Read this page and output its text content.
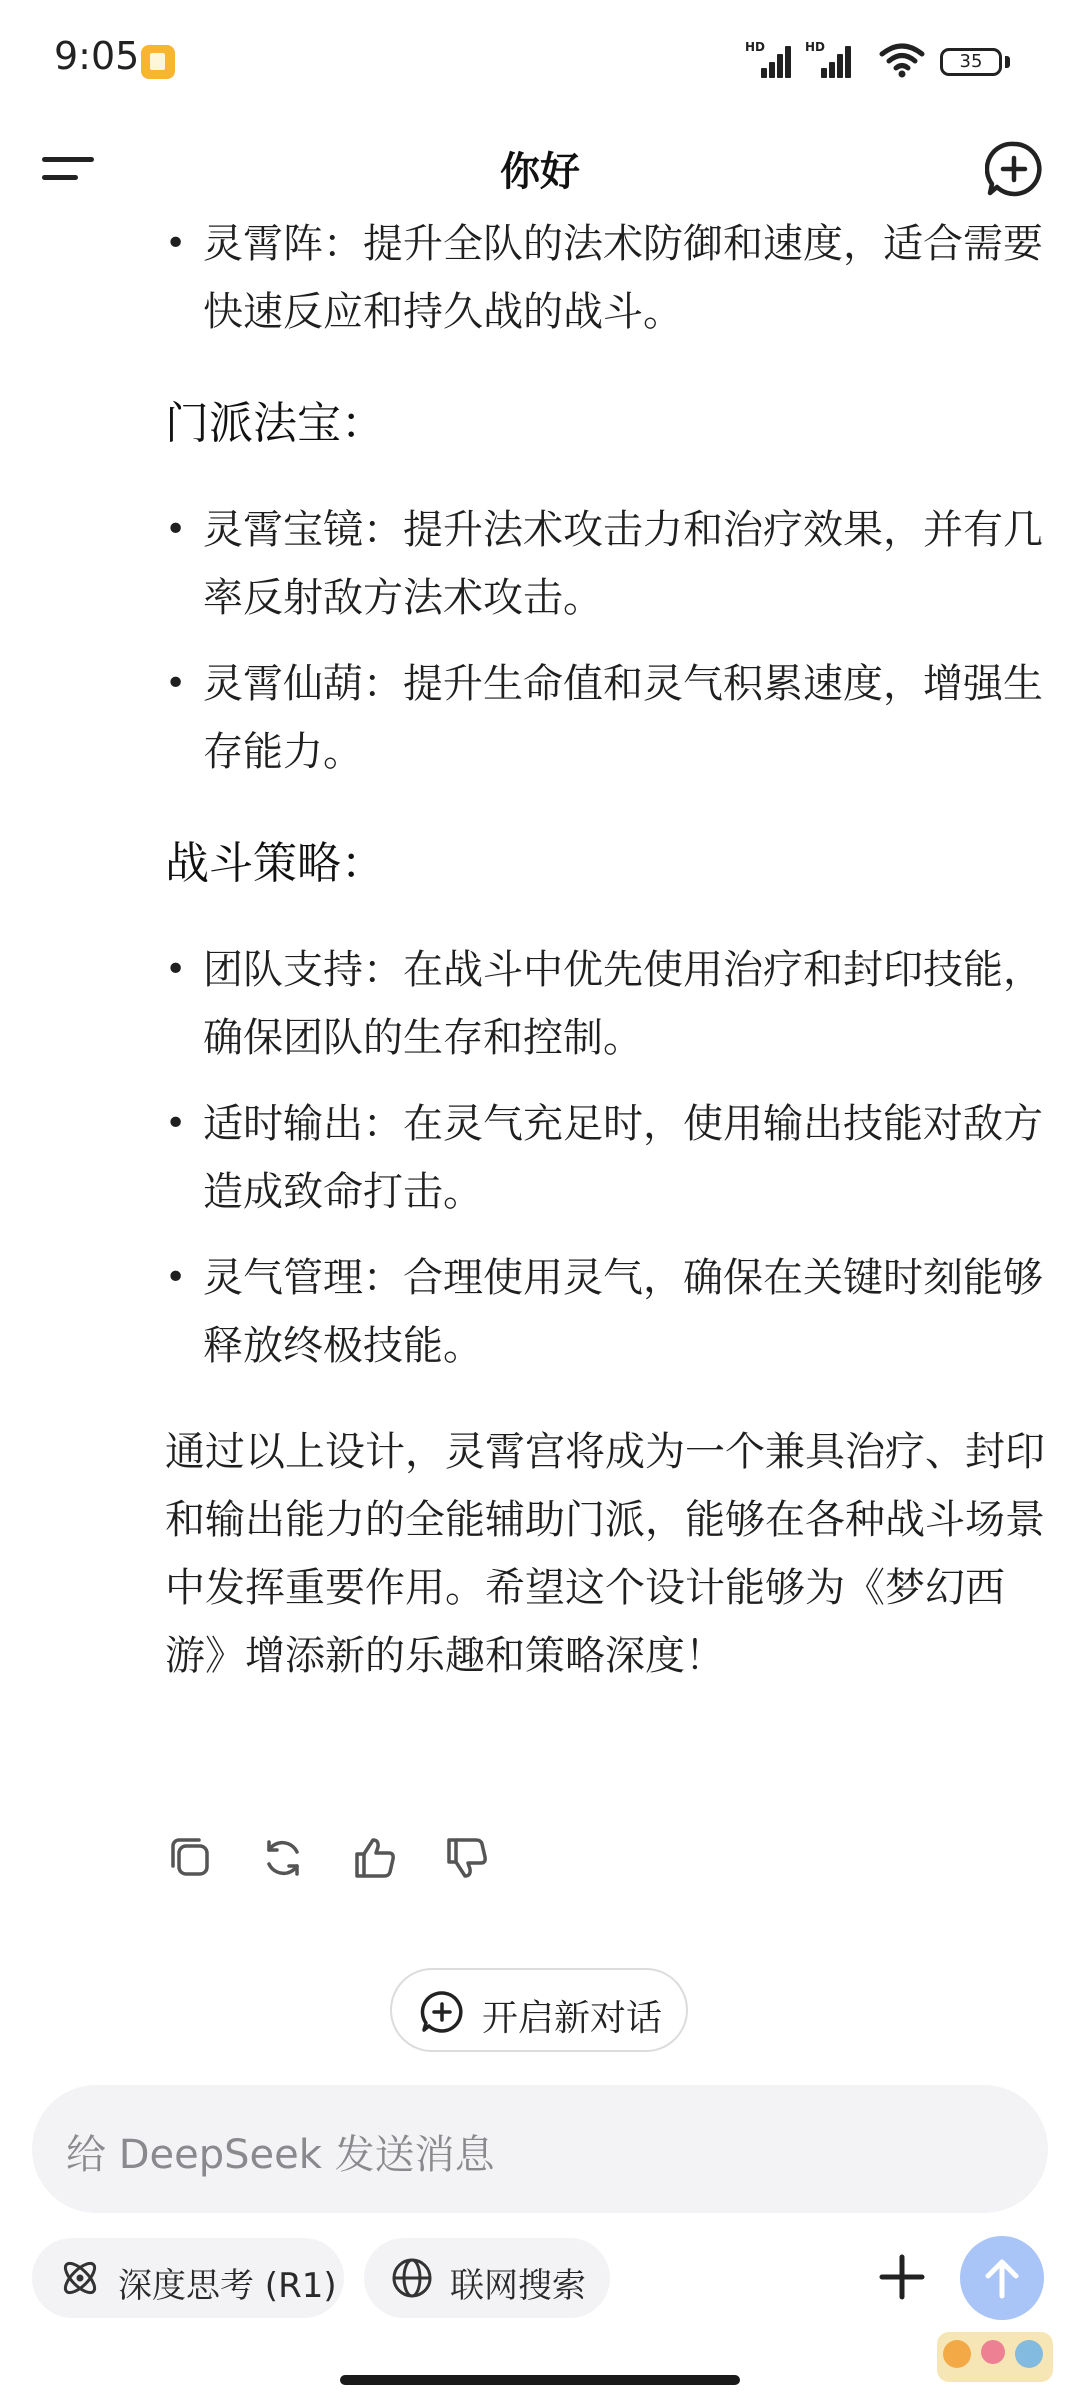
9:05	HD	HD
35
你好
• 灵霄阵：提升全队的法术防御和速度，适合需要快速反应和持久战的战斗。
门派法宝：
• 灵霄宝镜：提升法术攻击力和治疗效果，并有几率反射敌方法术攻击。
• 灵霄仙葫：提升生命值和灵气积累速度，增强生存能力。
战斗策略：
• 团队支持：在战斗中优先使用治疗和封印技能，确保团队的生存和控制。
• 适时输出：在灵气充足时，使用输出技能对敌方造成致命打击。
• 灵气管理：合理使用灵气，确保在关键时刻能够释放终极技能。
通过以上设计，灵霄宫将成为一个兼具治疗、封印和输出能力的全能辅助门派，能够在各种战斗场景中发挥重要作用。希望这个设计能够为《梦幻西游》增添新的乐趣和策略深度！
开启新对话
给 DeepSeek 发送消息
深度思考 (R1)	联网搜索
